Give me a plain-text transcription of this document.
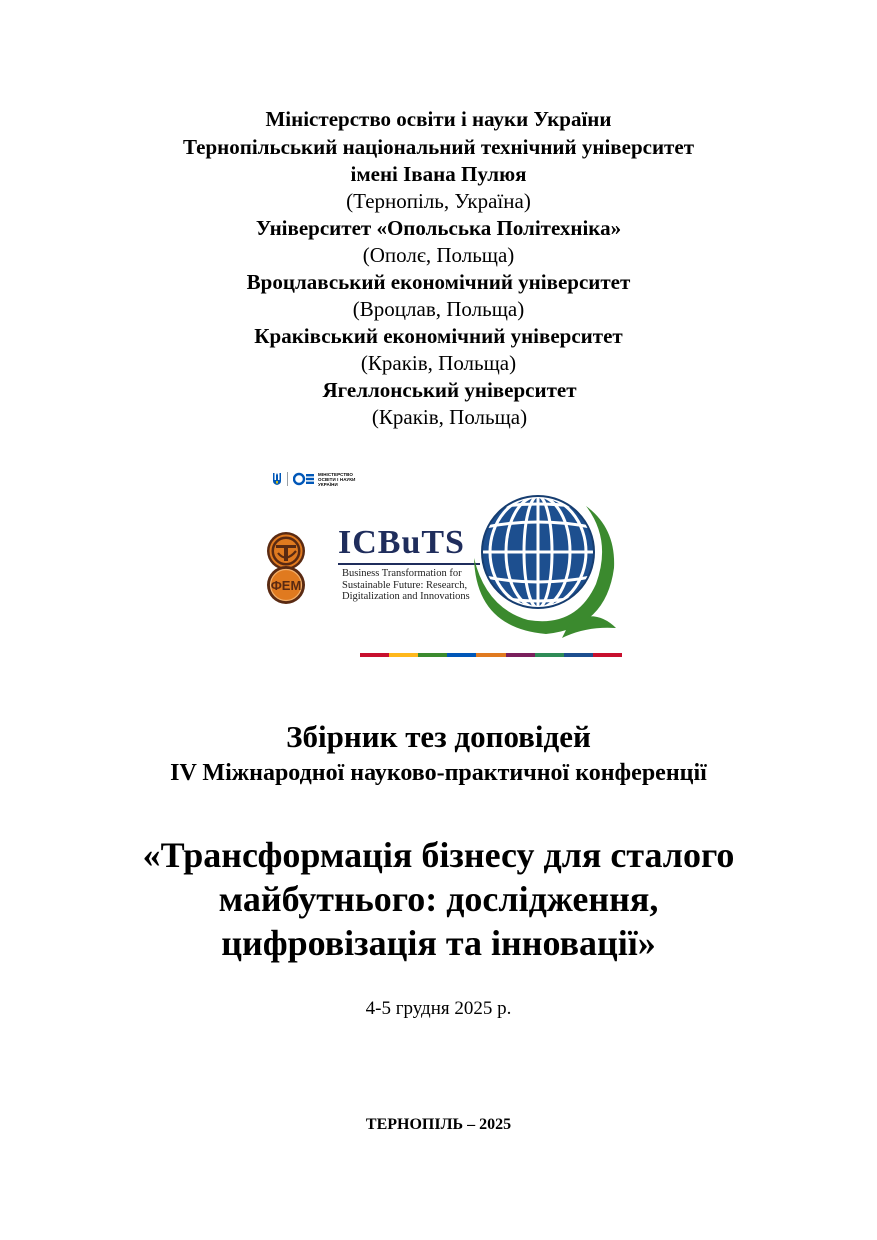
Міністерство освіти і науки України
Тернопільський національний технічний університет
імені Івана Пулюя
(Тернопіль, Україна)
Університет «Опольська Політехніка»
(Ополє, Польща)
Вроцлавський економічний університет
(Вроцлав, Польща)
Краківський економічний університет
(Краків, Польща)
Ягеллонський університет
(Краків, Польща)
МІНІСТЕРСТВО
ОСВІТИ І НАУКИ
УКРАЇНИ
ФЕМ
ICBuTS
Business Transformation for
Sustainable Future: Research,
Digitalization and Innovations
Збірник тез доповідей
IV Міжнародної науково-практичної конференції
«Трансформація бізнесу для сталого
майбутнього: дослідження,
цифровізація та інновації»
4-5 грудня 2025 р.
ТЕРНОПІЛЬ – 2025
